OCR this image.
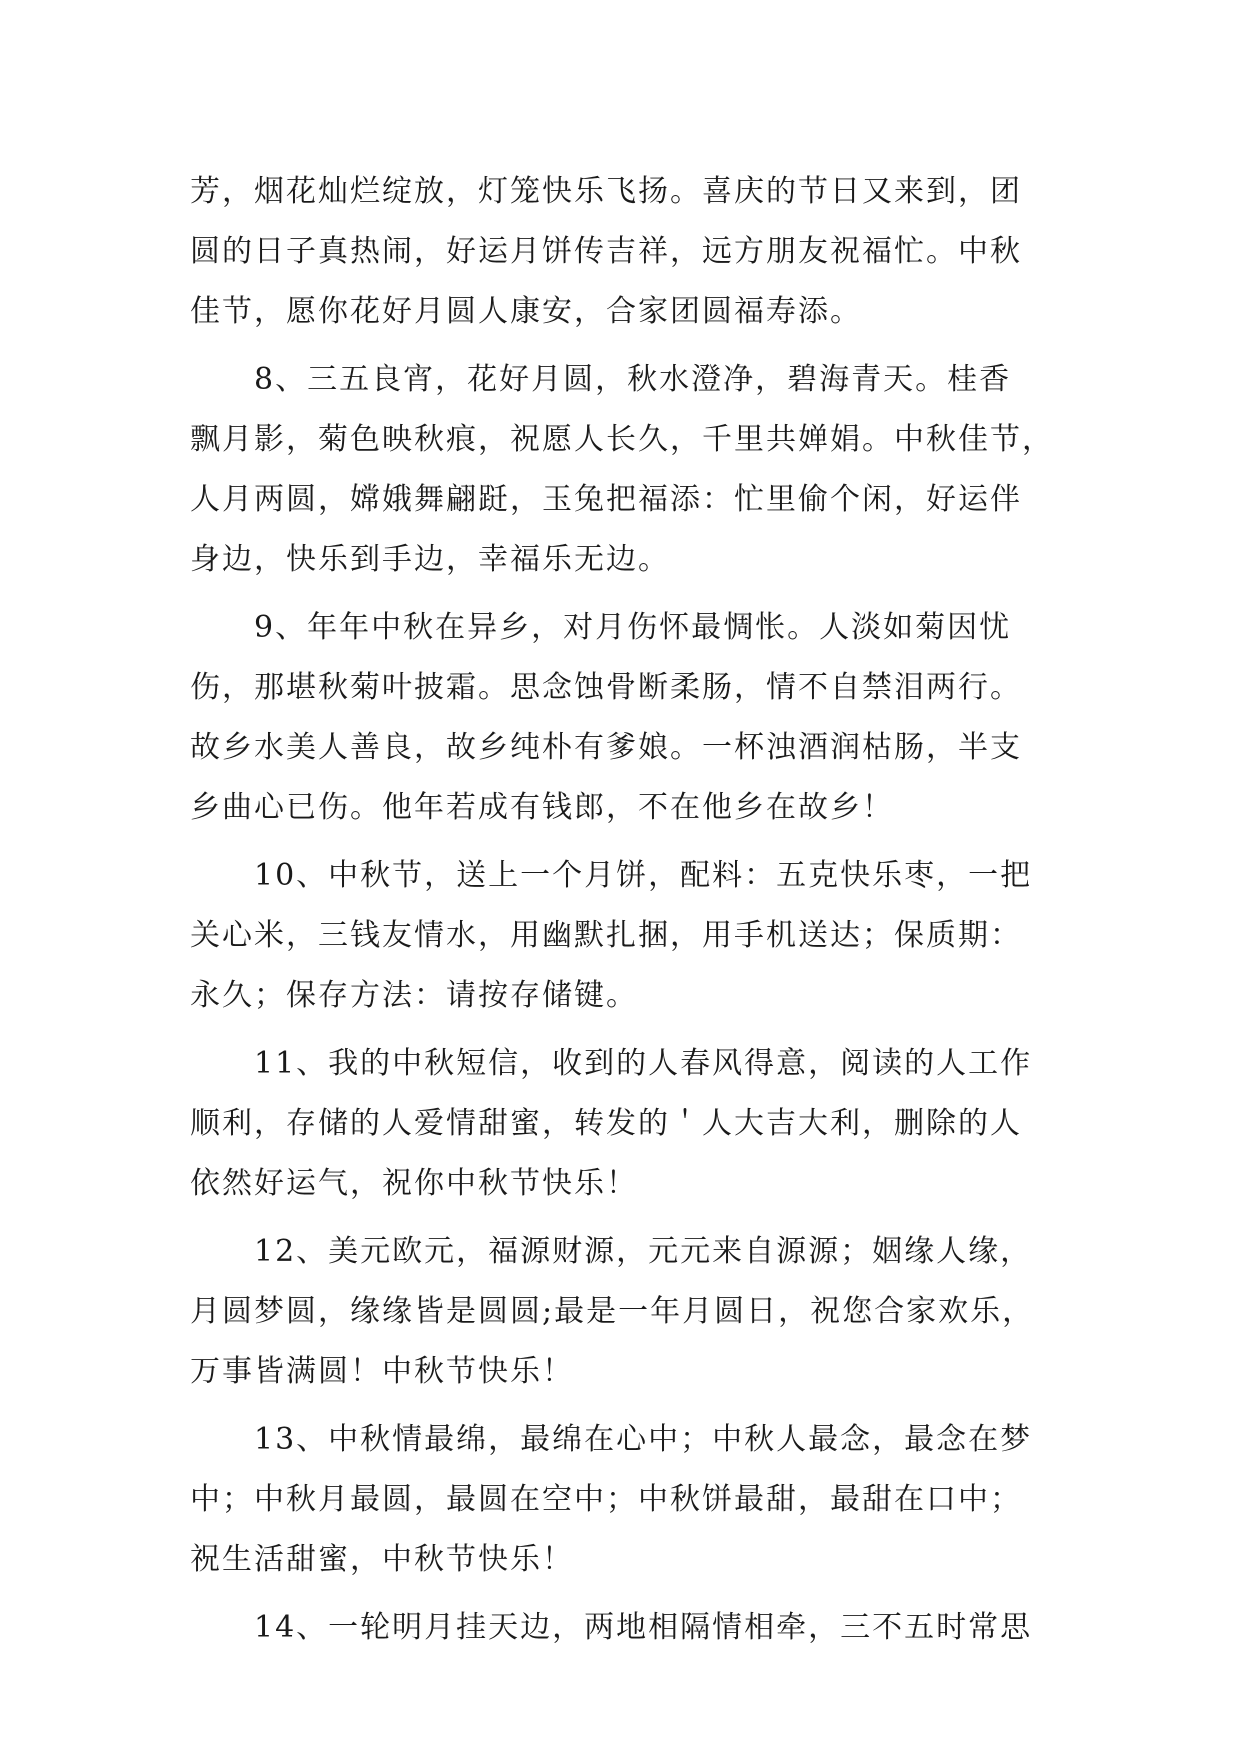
芳，烟花灿烂绽放，灯笼快乐飞扬。喜庆的节日又来到，团
圆的日子真热闹，好运月饼传吉祥，远方朋友祝福忙。中秋
佳节，愿你花好月圆人康安，合家团圆福寿添。
8、三五良宵，花好月圆，秋水澄净，碧海青天。桂香
飘月影，菊色映秋痕，祝愿人长久，千里共婵娟。中秋佳节，
人月两圆，嫦娥舞翩跹，玉兔把福添：忙里偷个闲，好运伴
身边，快乐到手边，幸福乐无边。
9、年年中秋在异乡，对月伤怀最惆怅。人淡如菊因忧
伤，那堪秋菊叶披霜。思念蚀骨断柔肠，情不自禁泪两行。
故乡水美人善良，故乡纯朴有爹娘。一杯浊酒润枯肠，半支
乡曲心已伤。他年若成有钱郎，不在他乡在故乡！
10、中秋节，送上一个月饼，配料：五克快乐枣，一把
关心米，三钱友情水，用幽默扎捆，用手机送达；保质期：
永久；保存方法：请按存储键。
11、我的中秋短信，收到的人春风得意，阅读的人工作
顺利，存储的人爱情甜蜜，转发的＇人大吉大利，删除的人
依然好运气，祝你中秋节快乐！
12、美元欧元，福源财源，元元来自源源；姻缘人缘，
月圆梦圆，缘缘皆是圆圆;最是一年月圆日，祝您合家欢乐，
万事皆满圆！中秋节快乐！
13、中秋情最绵，最绵在心中；中秋人最念，最念在梦
中；中秋月最圆，最圆在空中；中秋饼最甜，最甜在口中；
祝生活甜蜜，中秋节快乐！
14、一轮明月挂天边，两地相隔情相牵，三不五时常思
